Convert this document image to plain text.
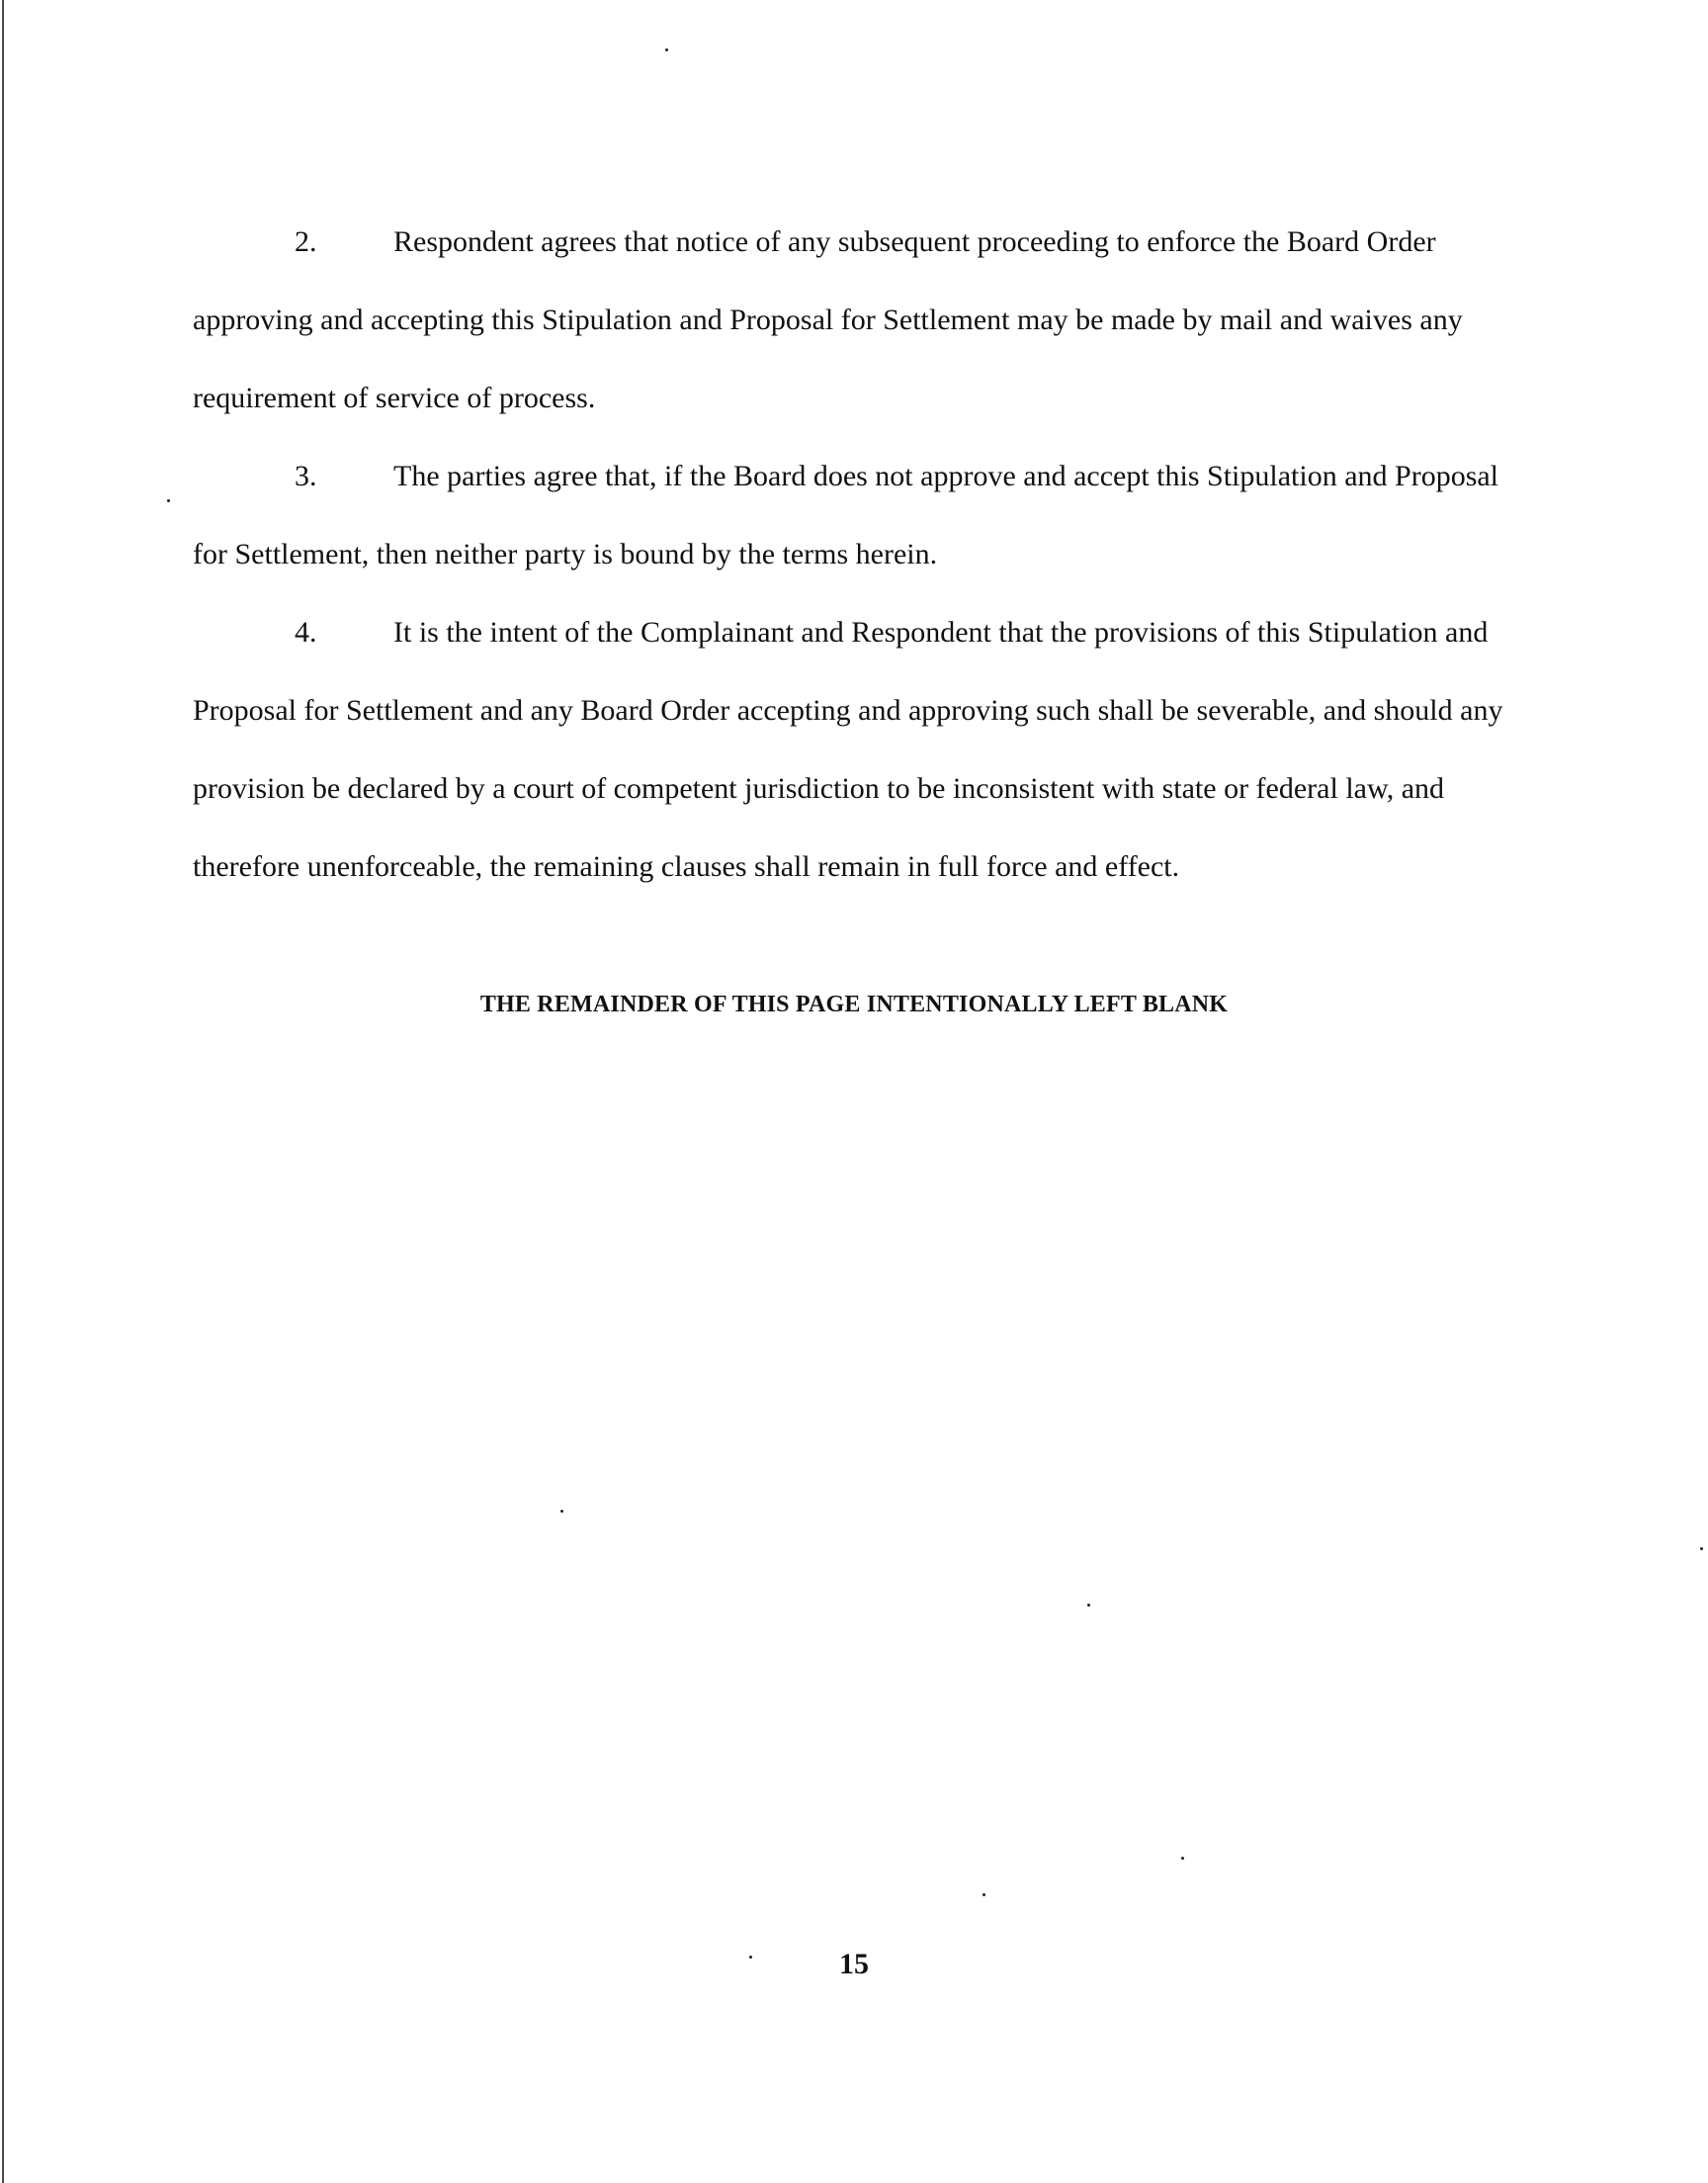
2.	Respondent agrees that notice of any subsequent proceeding to enforce the Board Order approving and accepting this Stipulation and Proposal for Settlement may be made by mail and waives any requirement of service of process.

3.	The parties agree that, if the Board does not approve and accept this Stipulation and Proposal for Settlement, then neither party is bound by the terms herein.

4.	It is the intent of the Complainant and Respondent that the provisions of this Stipulation and Proposal for Settlement and any Board Order accepting and approving such shall be severable, and should any provision be declared by a court of competent jurisdiction to be inconsistent with state or federal law, and therefore unenforceable, the remaining clauses shall remain in full force and effect.

THE REMAINDER OF THIS PAGE INTENTIONALLY LEFT BLANK
15
